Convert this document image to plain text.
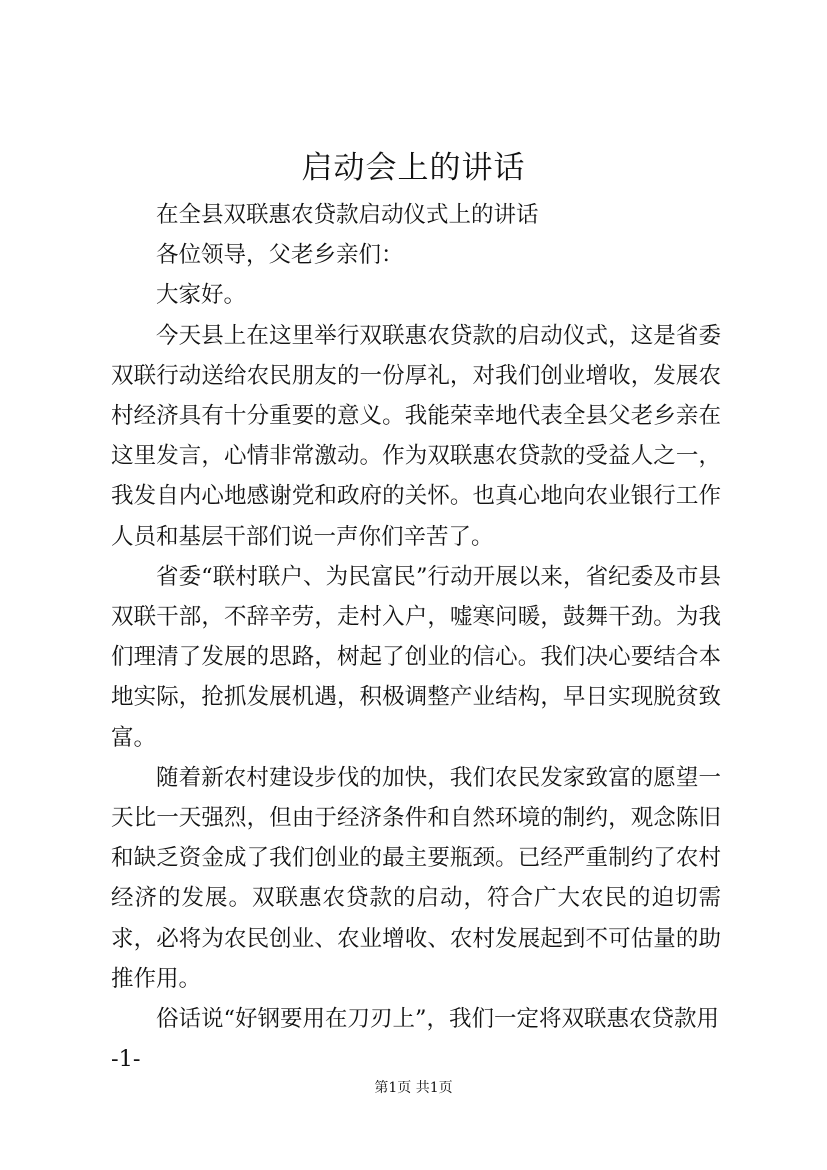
启动会上的讲话

在全县双联惠农贷款启动仪式上的讲话

各位领导，父老乡亲们：

大家好。

今天县上在这里举行双联惠农贷款的启动仪式，这是省委双联行动送给农民朋友的一份厚礼，对我们创业增收，发展农村经济具有十分重要的意义。我能荣幸地代表全县父老乡亲在这里发言，心情非常激动。作为双联惠农贷款的受益人之一，我发自内心地感谢党和政府的关怀。也真心地向农业银行工作人员和基层干部们说一声你们辛苦了。

省委“联村联户、为民富民”行动开展以来，省纪委及市县双联干部，不辞辛劳，走村入户，嘘寒问暖，鼓舞干劲。为我们理清了发展的思路，树起了创业的信心。我们决心要结合本地实际，抢抓发展机遇，积极调整产业结构，早日实现脱贫致富。

随着新农村建设步伐的加快，我们农民发家致富的愿望一天比一天强烈，但由于经济条件和自然环境的制约，观念陈旧和缺乏资金成了我们创业的最主要瓶颈。已经严重制约了农村经济的发展。双联惠农贷款的启动，符合广大农民的迫切需求，必将为农民创业、农业增收、农村发展起到不可估量的助推作用。

俗话说“好钢要用在刀刃上”，我们一定将双联惠农贷款用

-1-

第1页 共1页
